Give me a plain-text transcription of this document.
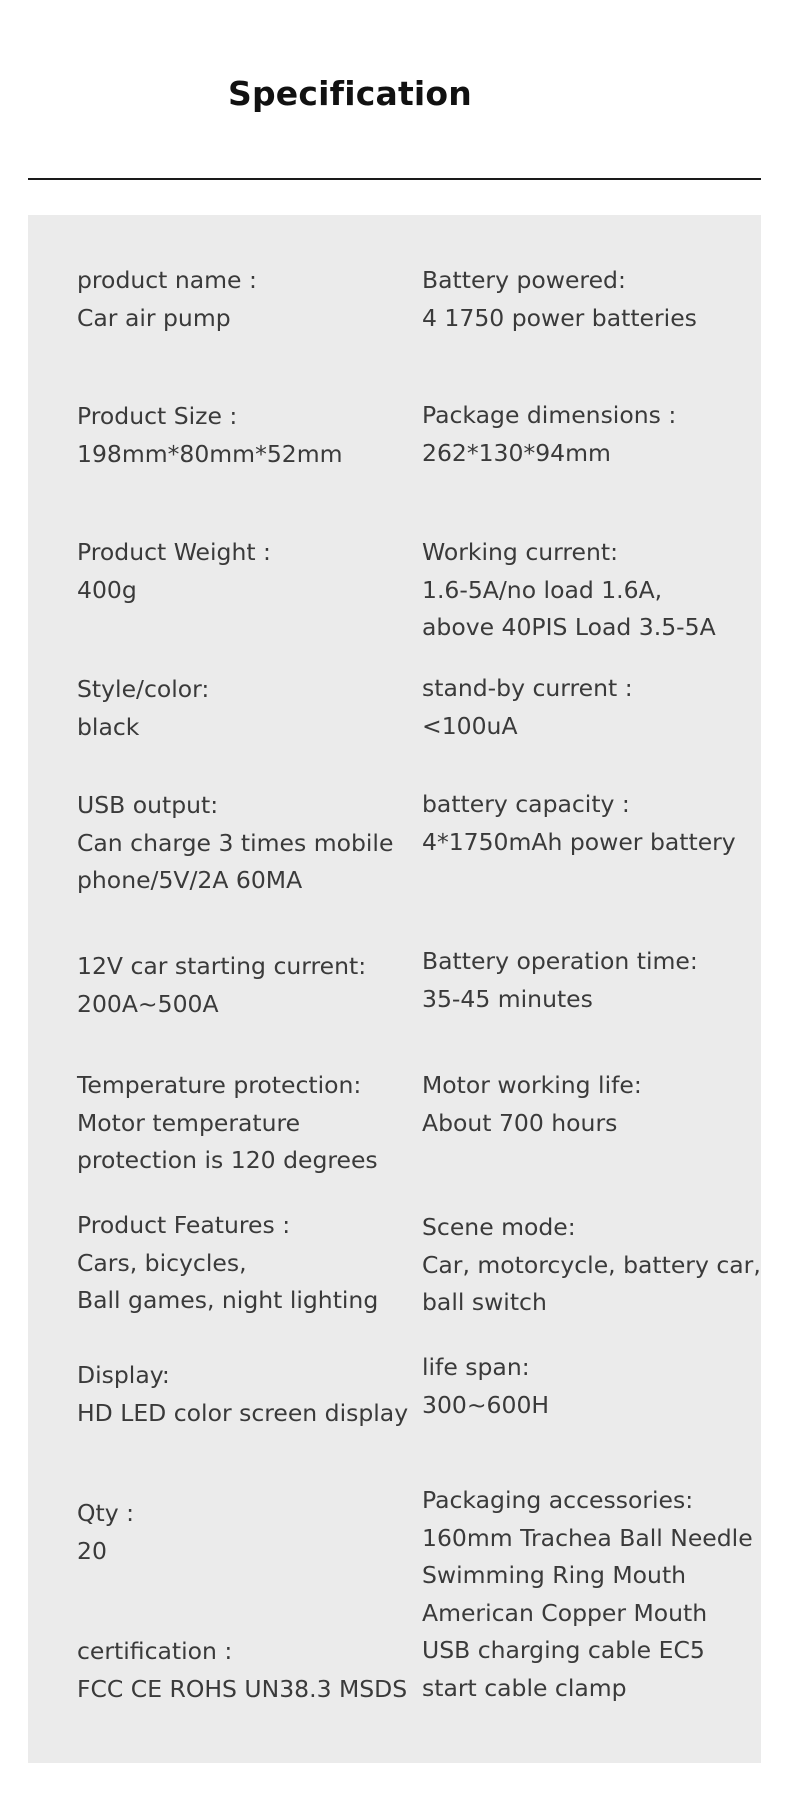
Specification
product name :
Car air pump
Product Size :
198mm*80mm*52mm
Product Weight :
400g
Style/color:
black
USB output:
Can charge 3 times mobile
phone/5V/2A 60MA
12V car starting current:
200A~500A
Temperature protection:
Motor temperature
protection is 120 degrees
Product Features :
Cars, bicycles,
Ball games, night lighting
Display:
HD LED color screen display
Qty :
20
certification :
FCC CE ROHS UN38.3 MSDS
Battery powered:
4 1750 power batteries
Package dimensions :
262*130*94mm
Working current:
1.6-5A/no load 1.6A,
above 40PIS Load 3.5-5A
stand-by current :
<100uA
battery capacity :
4*1750mAh power battery
Battery operation time:
35-45 minutes
Motor working life:
About 700 hours
Scene mode:
Car, motorcycle, battery car,
ball switch
life span:
300~600H
Packaging accessories:
160mm Trachea Ball Needle
Swimming Ring Mouth
American Copper Mouth
USB charging cable EC5
start cable clamp
